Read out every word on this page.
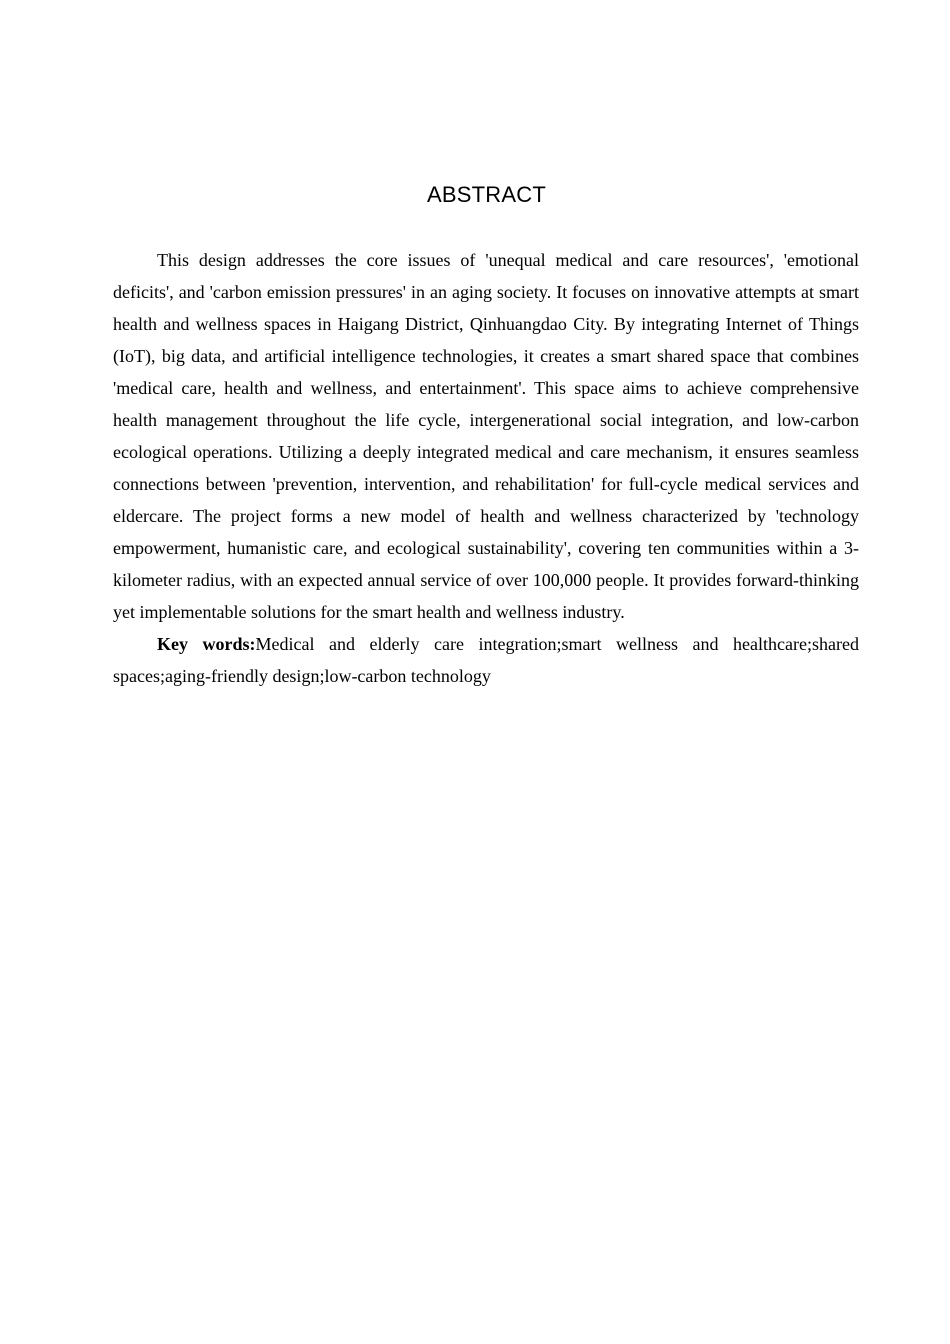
ABSTRACT

This design addresses the core issues of 'unequal medical and care resources', 'emotional deficits', and 'carbon emission pressures' in an aging society. It focuses on innovative attempts at smart health and wellness spaces in Haigang District, Qinhuangdao City. By integrating Internet of Things (IoT), big data, and artificial intelligence technologies, it creates a smart shared space that combines 'medical care, health and wellness, and entertainment'. This space aims to achieve comprehensive health management throughout the life cycle, intergenerational social integration, and low-carbon ecological operations. Utilizing a deeply integrated medical and care mechanism, it ensures seamless connections between 'prevention, intervention, and rehabilitation' for full-cycle medical services and eldercare. The project forms a new model of health and wellness characterized by 'technology empowerment, humanistic care, and ecological sustainability', covering ten communities within a 3-kilometer radius, with an expected annual service of over 100,000 people. It provides forward-thinking yet implementable solutions for the smart health and wellness industry.

Key words:Medical and elderly care integration;smart wellness and healthcare;shared spaces;aging-friendly design;low-carbon technology
